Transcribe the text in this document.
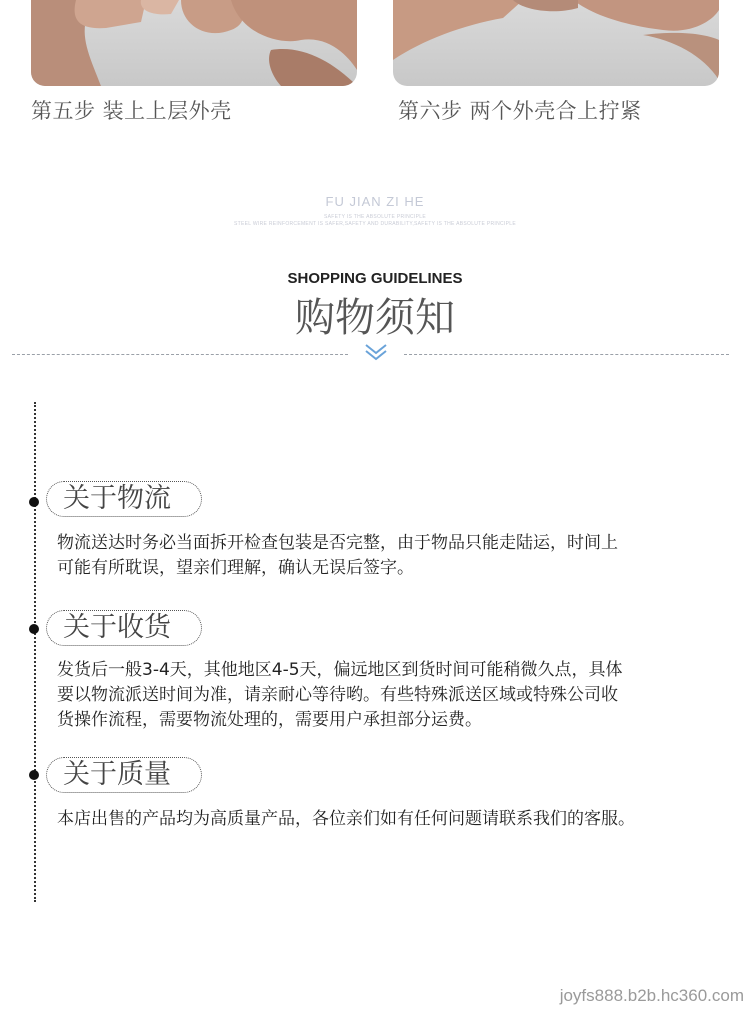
第五步 装上上层外壳	第六步 两个外壳合上拧紧
FU JIAN ZI HE
SAFETY IS THE ABSOLUTE PRINCIPLE
STEEL WIRE REINFORCEMENT IS SAFER,SAFETY AND DURABILITY,SAFETY IS THE ABSOLUTE PRINCIPLE
SHOPPING GUIDELINES
购物须知
关于物流
物流送达时务必当面拆开检查包装是否完整，由于物品只能走陆运，时间上
可能有所耽误，望亲们理解，确认无误后签字。
关于收货
发货后一般3-4天，其他地区4-5天，偏远地区到货时间可能稍微久点，具体
要以物流派送时间为准，请亲耐心等待哟。有些特殊派送区域或特殊公司收
货操作流程，需要物流处理的，需要用户承担部分运费。
关于质量
本店出售的产品均为高质量产品，各位亲们如有任何问题请联系我们的客服。
joyfs888.b2b.hc360.com
